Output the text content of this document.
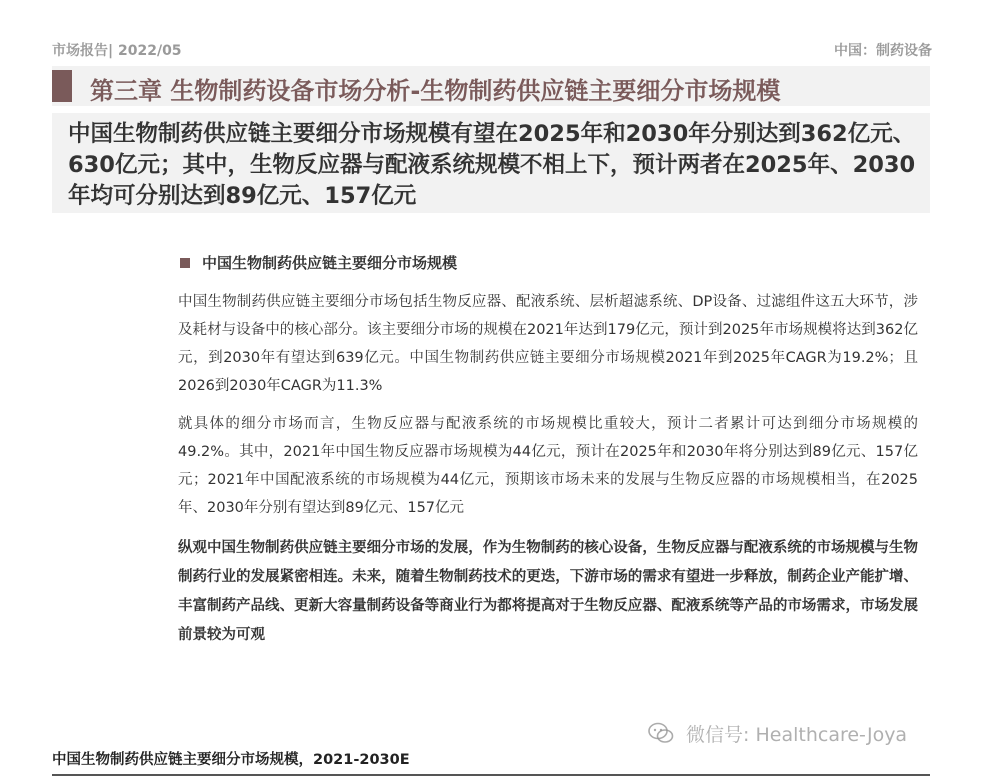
市场报告| 2022/05	中国：制药设备
第三章 生物制药设备市场分析-生物制药供应链主要细分市场规模
中国生物制药供应链主要细分市场规模有望在2025年和2030年分别达到362亿元、630亿元；其中，生物反应器与配液系统规模不相上下，预计两者在2025年、2030年均可分别达到89亿元、157亿元
中国生物制药供应链主要细分市场规模

中国生物制药供应链主要细分市场包括生物反应器、配液系统、层析超滤系统、DP设备、过滤组件这五大环节，涉及耗材与设备中的核心部分。该主要细分市场的规模在2021年达到179亿元，预计到2025年市场规模将达到362亿元，到2030年有望达到639亿元。中国生物制药供应链主要细分市场规模2021年到2025年CAGR为19.2%；且2026到2030年CAGR为11.3%

就具体的细分市场而言，生物反应器与配液系统的市场规模比重较大，预计二者累计可达到细分市场规模的49.2%。其中，2021年中国生物反应器市场规模为44亿元，预计在2025年和2030年将分别达到89亿元、157亿元；2021年中国配液系统的市场规模为44亿元，预期该市场未来的发展与生物反应器的市场规模相当，在2025年、2030年分别有望达到89亿元、157亿元

纵观中国生物制药供应链主要细分市场的发展，作为生物制药的核心设备，生物反应器与配液系统的市场规模与生物制药行业的发展紧密相连。未来，随着生物制药技术的更迭，下游市场的需求有望进一步释放，制药企业产能扩增、丰富制药产品线、更新大容量制药设备等商业行为都将提高对于生物反应器、配液系统等产品的市场需求，市场发展前景较为可观

微信号: Healthcare-Joya
中国生物制药供应链主要细分市场规模，2021-2030E
